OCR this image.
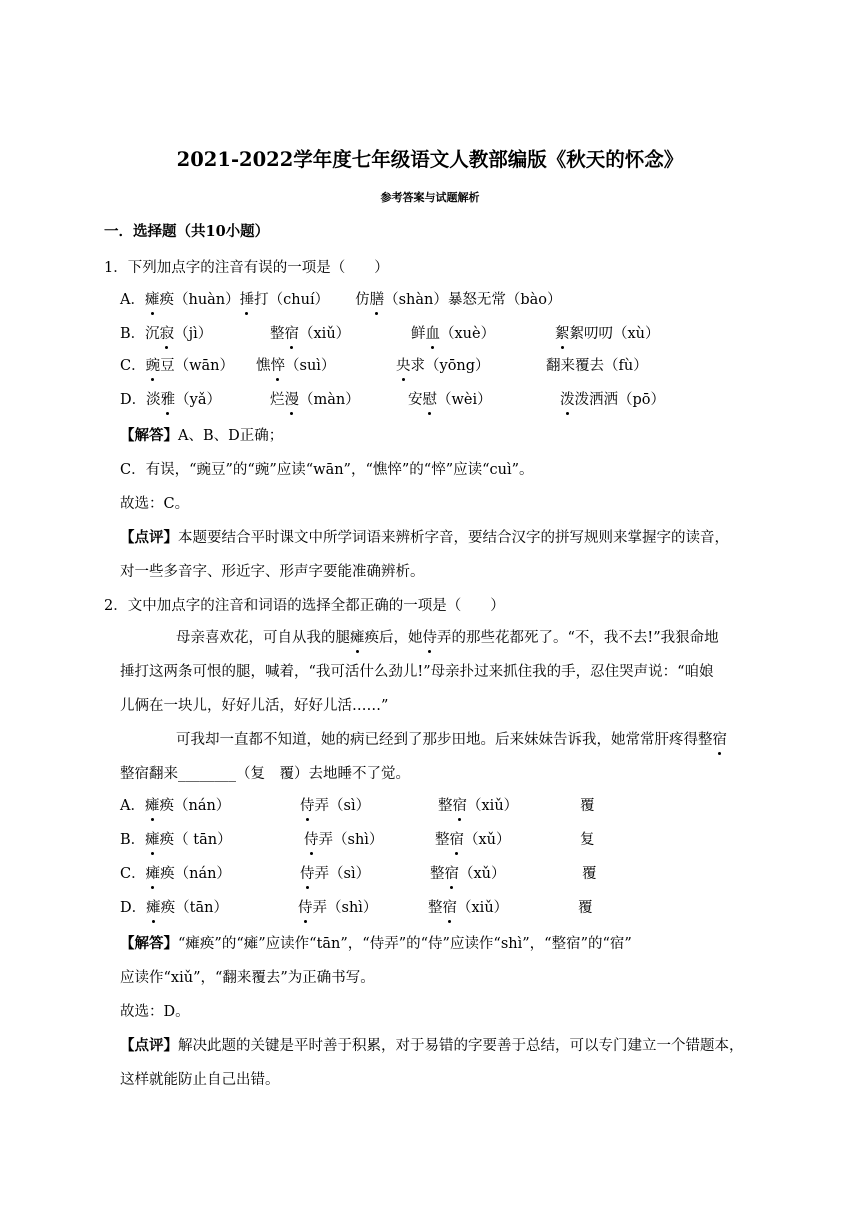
2021-2022学年度七年级语文人教部编版《秋天的怀念》
参考答案与试题解析
一．选择题（共10小题）
1．下列加点字的注音有误的一项是（　　）
A．瘫痪（huàn）捶打（chuí） 仿膳（shàn）暴怒无常（bào）
B．沉寂（jì）	整宿（xiǔ）	鲜血（xuè）	絮絮叨叨（xù）
C．豌豆（wān） 憔悴（suì）	央求（yōng）	翻来覆去（fù）
D．淡雅（yǎ）	烂漫（màn）	安慰（wèi）	泼泼洒洒（pō）
【解答】A、B、D正确；
C．有误，“豌豆”的“豌”应读“wān”，“憔悴”的“悴”应读“cuì”。
故选：C。
【点评】本题要结合平时课文中所学词语来辨析字音，要结合汉字的拼写规则来掌握字的读音，
对一些多音字、形近字、形声字要能准确辨析。
2．文中加点字的注音和词语的选择全都正确的一项是（　　）
母亲喜欢花，可自从我的腿瘫痪后，她侍弄的那些花都死了。“不，我不去!”我狠命地
捶打这两条可恨的腿，喊着，“我可活什么劲儿!”母亲扑过来抓住我的手，忍住哭声说：“咱娘
儿俩在一块儿，好好儿活，好好儿活……”
可我却一直都不知道，她的病已经到了那步田地。后来妹妹告诉我，她常常肝疼得整宿
整宿翻来________（复　覆）去地睡不了觉。
A．瘫痪（nán）	侍弄（sì）	整宿（xiǔ）	覆
B．瘫痪（ tān）	侍弄（shì）	整宿（xǔ）	复
C．瘫痪（nán）	侍弄（sì）	整宿（xǔ）	覆
D．瘫痪（tān）	侍弄（shì）	整宿（xiǔ）	覆
【解答】“瘫痪”的“瘫”应读作“tān”，“侍弄”的“侍”应读作“shì”，“整宿”的“宿”
应读作“xiǔ”，“翻来覆去”为正确书写。
故选：D。
【点评】解决此题的关键是平时善于积累，对于易错的字要善于总结，可以专门建立一个错题本，
这样就能防止自己出错。
